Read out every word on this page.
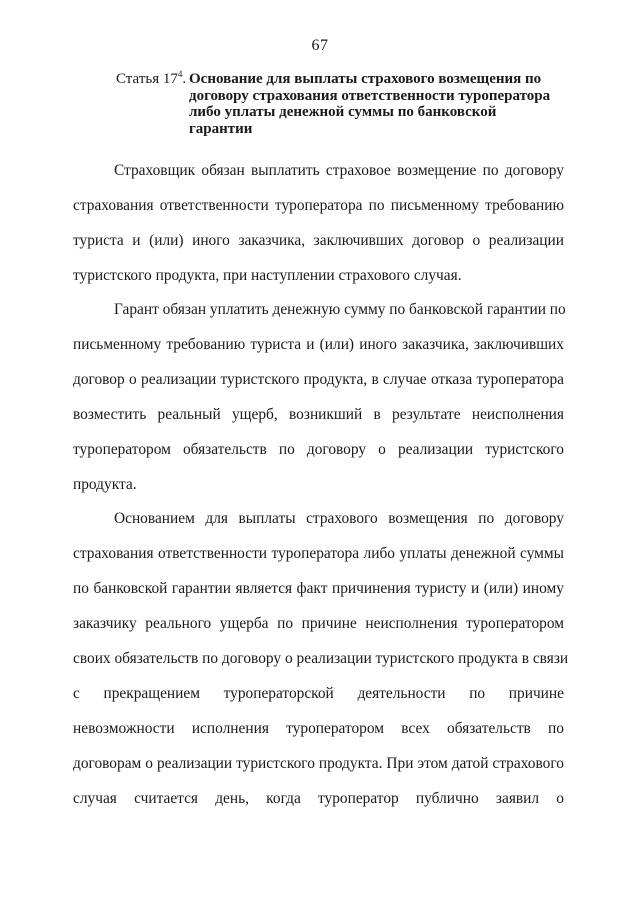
67
Статья $17^4$. Основание для выплаты страхового возмещения по
договору страхования ответственности туроператора
либо уплаты денежной суммы по банковской
гарантии
Страховщик обязан выплатить страховое возмещение по договору
страхования ответственности туроператора по письменному требованию
туриста и (или) иного заказчика, заключивших договор о реализации
туристского продукта, при наступлении страхового случая.
Гарант обязан уплатить денежную сумму по банковской гарантии по
письменному требованию туриста и (или) иного заказчика, заключивших
договор о реализации туристского продукта, в случае отказа туроператора
возместить реальный ущерб, возникший в результате неисполнения
туроператором обязательств по договору о реализации туристского
продукта.
Основанием для выплаты страхового возмещения по договору
страхования ответственности туроператора либо уплаты денежной суммы
по банковской гарантии является факт причинения туристу и (или) иному
заказчику реального ущерба по причине неисполнения туроператором
своих обязательств по договору о реализации туристского продукта в связи
с прекращением туроператорской деятельности по причине
невозможности исполнения туроператором всех обязательств по
договорам о реализации туристского продукта. При этом датой страхового
случая считается день, когда туроператор публично заявил о
